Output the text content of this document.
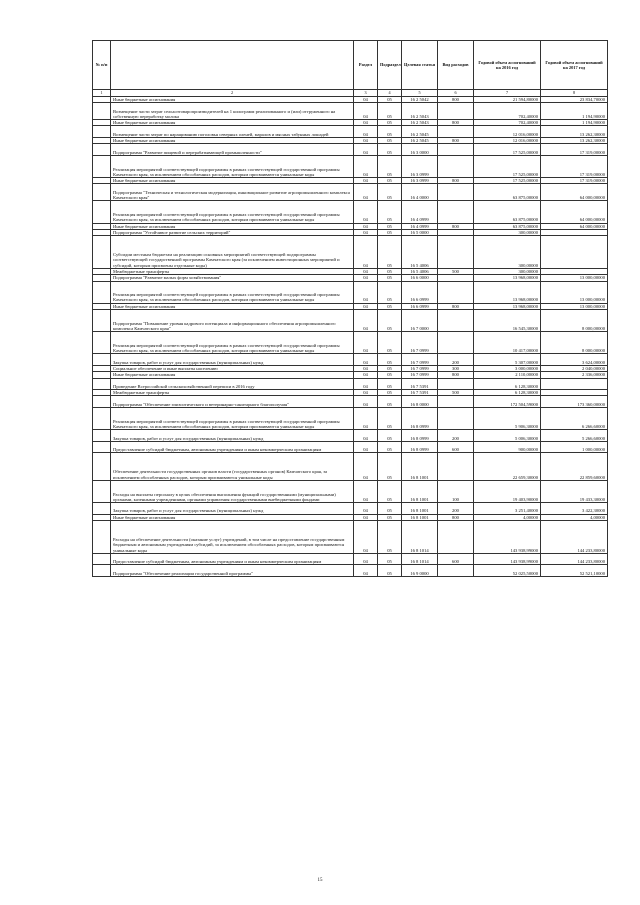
№ п/п		Раздел	Подраздел	Целевая статья	Вид расходов	Годовой объем ассигнований на 2016 год	Годовой объем ассигнований на 2017 год
1	2	3	4	5	6	7	8
	Иные бюджетные ассигнования	04	05	16 2 5042	800	21 594,80000	23 834,70000
	Возмещение части затрат сельхозтоваропроизводителей на 1 килограмм реализованного и (или) отгруженного на собственную переработку молока	04	05	16 2 5043		702,40000	1 194,90000
	Иные бюджетные ассигнования	04	05	16 2 5043	800	702,40000	1 194,90000
	Возмещение части затрат по наращиванию поголовья северных оленей, маралов и мясных табунных лошадей	04	05	16 2 5045		12 016,00000	13 262,30000
	Иные бюджетные ассигнования	04	05	16 2 5045	800	12 016,00000	13 262,30000
	Подпрограмма "Развитие пищевой и перерабатывающей промышленности"	04	05	16 3 0000		17 525,00000	17 319,00000
	Реализация мероприятий соответствующей подпрограммы в рамках соответствующей государственной программы Камчатского края, за исключением обособленных расходов, которым присваиваются уникальные коды	04	05	16 3 0999		17 525,00000	17 319,00000
	Иные бюджетные ассигнования	04	05	16 3 0999	800	17 525,00000	17 319,00000
	Подпрограмма "Техническая и технологическая модернизация, инновационное развитие агропромышленного комплекса Камчатского края"	04	05	16 4 0000		63 875,00000	64 000,00000
	Реализация мероприятий соответствующей подпрограммы в рамках соответствующей государственной программы Камчатского края, за исключением обособленных расходов, которым присваиваются уникальные коды	04	05	16 4 0999		63 875,00000	64 000,00000
	Иные бюджетные ассигнования	04	05	16 4 0999	800	63 875,00000	64 000,00000
	Подпрограмма "Устойчивое развитие сельских территорий"	04	05	16 5 0000		300,00000	
	Субсидии местным бюджетам на реализацию основных мероприятий соответствующей подпрограммы соответствующей государственной программы Камчатского края (за исключением инвестиционных мероприятий и субсидий, которым присвоены отдельные коды)	04	05	16 5 4006		300,00000	
	Межбюджетные трансферты	04	05	16 5 4006	500	300,00000	
	Подпрограмма "Развитие малых форм хозяйствования"	04	05	16 6 0000		13 968,00000	13 000,00000
	Реализация мероприятий соответствующей подпрограммы в рамках соответствующей государственной программы Камчатского края, за исключением обособленных расходов, которым присваиваются уникальные коды	04	05	16 6 0999		13 968,00000	13 000,00000
	Иные бюджетные ассигнования	04	05	16 6 0999	800	13 968,00000	13 000,00000
	Подпрограмма "Повышение уровня кадрового потенциала и информационного обеспечения агропромышленного комплекса Камчатского края"	04	05	16 7 0000		16 545,30000	8 000,00000
	Реализация мероприятий соответствующей подпрограммы в рамках соответствующей государственной программы Камчатского края, за исключением обособленных расходов, которым присваиваются уникальные коды	04	05	16 7 0999		10 417,00000	8 000,00000
	Закупка товаров, работ и услуг для государственных (муниципальных) нужд	04	05	16 7 0999	200	5 307,00000	3 624,00000
	Социальное обеспечение и иные выплаты населению	04	05	16 7 0999	300	3 000,00000	2 040,00000
	Иные бюджетные ассигнования	04	05	16 7 0999	800	2 110,00000	2 336,00000
	Проведение Всероссийской сельскохозяйственной переписи в 2016 году	04	05	16 7 5391		6 128,30000	
	Межбюджетные трансферты	04	05	16 7 5391	500	6 128,30000	
	Подпрограмма "Обеспечение эпизоотического и ветеринарно-санитарного благополучия"	04	05	16 8 0000		172 504,59000	173 360,00000
	Реализация мероприятий соответствующей подпрограммы в рамках соответствующей государственной программы Камчатского края, за исключением обособленных расходов, которым присваиваются уникальные коды	04	05	16 8 0999		5 906,30000	6 266,60000
	Закупка товаров, работ и услуг для государственных (муниципальных) нужд	04	05	16 8 0999	200	5 006,30000	5 266,60000
	Предоставление субсидий бюджетным, автономным учреждениям и иным некоммерческим организациям	04	05	16 8 0999	600	900,00000	1 000,00000
	Обеспечение деятельности государственных органов власти (государственных органов) Камчатского края, за исключением обособленных расходов, которым присваиваются уникальные коды	04	05	16 8 1001		22 659,30000	22 859,60000
	Расходы на выплаты персоналу в целях обеспечения выполнения функций государственными (муниципальными) органами, казенными учреждениями, органами управления государственными внебюджетными фондами	04	05	16 8 1001	100	19 403,90000	19 433,30000
	Закупка товаров, работ и услуг для государственных (муниципальных) нужд	04	05	16 8 1001	200	3 251,40000	3 422,30000
	Иные бюджетные ассигнования	04	05	16 8 1001	800	4,00000	4,00000
	Расходы на обеспечение деятельности (оказание услуг) учреждений, в том числе на предоставление государственным бюджетным и автономным учреждениям субсидий, за исключением обособленных расходов, которым присваиваются уникальные коды	04	05	16 8 1014		143 938,99000	144 233,80000
	Предоставление субсидий бюджетным, автономным учреждениям и иным некоммерческим организациям	04	05	16 8 1014	600	143 938,99000	144 233,80000
	Подпрограмма "Обеспечение реализации государственной программы"	04	05	16 9 0000		52 025,50000	52 521,10000
15
